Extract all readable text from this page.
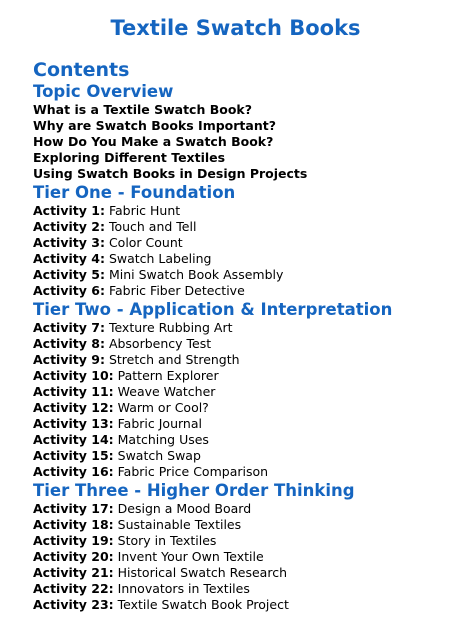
Textile Swatch Books
Contents
Topic Overview
What is a Textile Swatch Book?
Why are Swatch Books Important?
How Do You Make a Swatch Book?
Exploring Different Textiles
Using Swatch Books in Design Projects
Tier One - Foundation
Activity 1: Fabric Hunt
Activity 2: Touch and Tell
Activity 3: Color Count
Activity 4: Swatch Labeling
Activity 5: Mini Swatch Book Assembly
Activity 6: Fabric Fiber Detective
Tier Two - Application & Interpretation
Activity 7: Texture Rubbing Art
Activity 8: Absorbency Test
Activity 9: Stretch and Strength
Activity 10: Pattern Explorer
Activity 11: Weave Watcher
Activity 12: Warm or Cool?
Activity 13: Fabric Journal
Activity 14: Matching Uses
Activity 15: Swatch Swap
Activity 16: Fabric Price Comparison
Tier Three - Higher Order Thinking
Activity 17: Design a Mood Board
Activity 18: Sustainable Textiles
Activity 19: Story in Textiles
Activity 20: Invent Your Own Textile
Activity 21: Historical Swatch Research
Activity 22: Innovators in Textiles
Activity 23: Textile Swatch Book Project
